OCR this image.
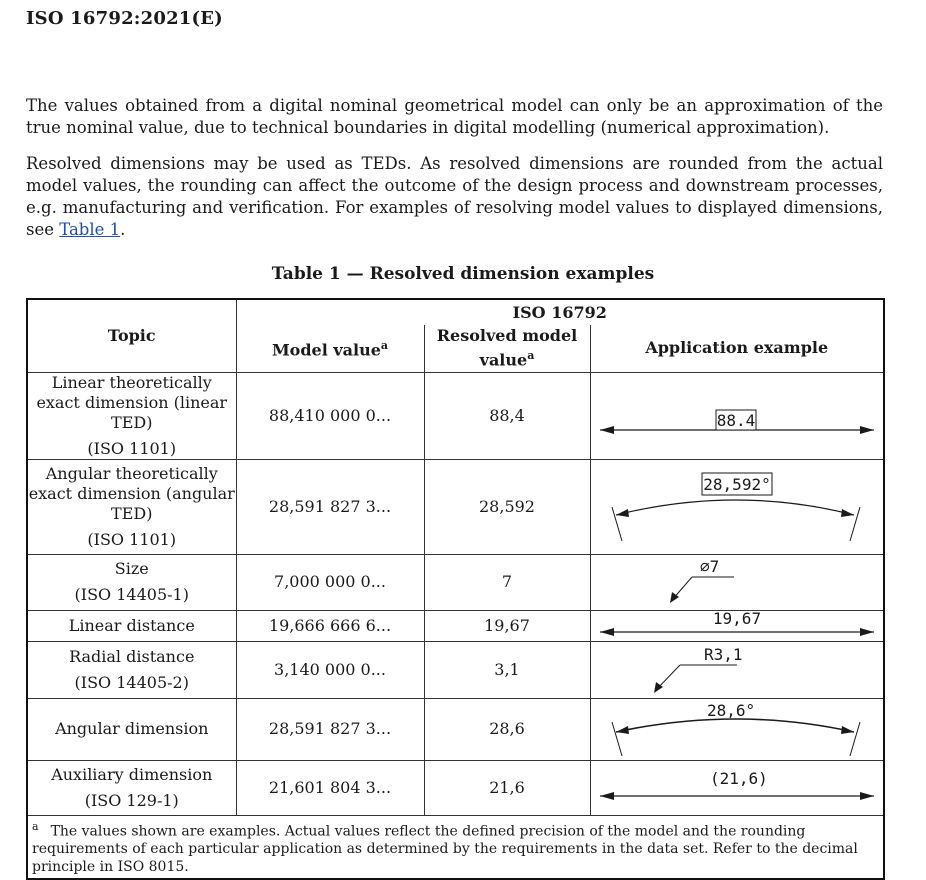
ISO 16792:2021(E)

The values obtained from a digital nominal geometrical model can only be an approximation of the true nominal value, due to technical boundaries in digital modelling (numerical approximation).

Resolved dimensions may be used as TEDs. As resolved dimensions are rounded from the actual model values, the rounding can affect the outcome of the design process and downstream processes, e.g. manufacturing and verification. For examples of resolving model values to displayed dimensions, see Table 1.

Table 1 — Resolved dimension examples
Topic	ISO 16792		
	Model value$^a$	Resolved model
value$^a$	Application example

Linear theoretically exact dimension (linear TED)
(ISO 1101)	88,410 000 0...	88,4	88.4

Angular theoretically exact dimension (angular TED)
(ISO 1101)	28,591 827 3...	28,592	28,592°

Size
(ISO 14405-1)	7,000 000 0...	7	⌀7

Linear distance	19,666 666 6...	19,67	19,67

Radial distance
(ISO 14405-2)	3,140 000 0...	3,1	R3,1

Angular dimension	28,591 827 3...	28,6	28,6°

Auxiliary dimension
(ISO 129-1)	21,601 804 3...	21,6	(21,6)

$^a$ The values shown are examples. Actual values reflect the defined precision of the model and the rounding requirements of each particular application as determined by the requirements in the data set. Refer to the decimal principle in ISO 8015.			
